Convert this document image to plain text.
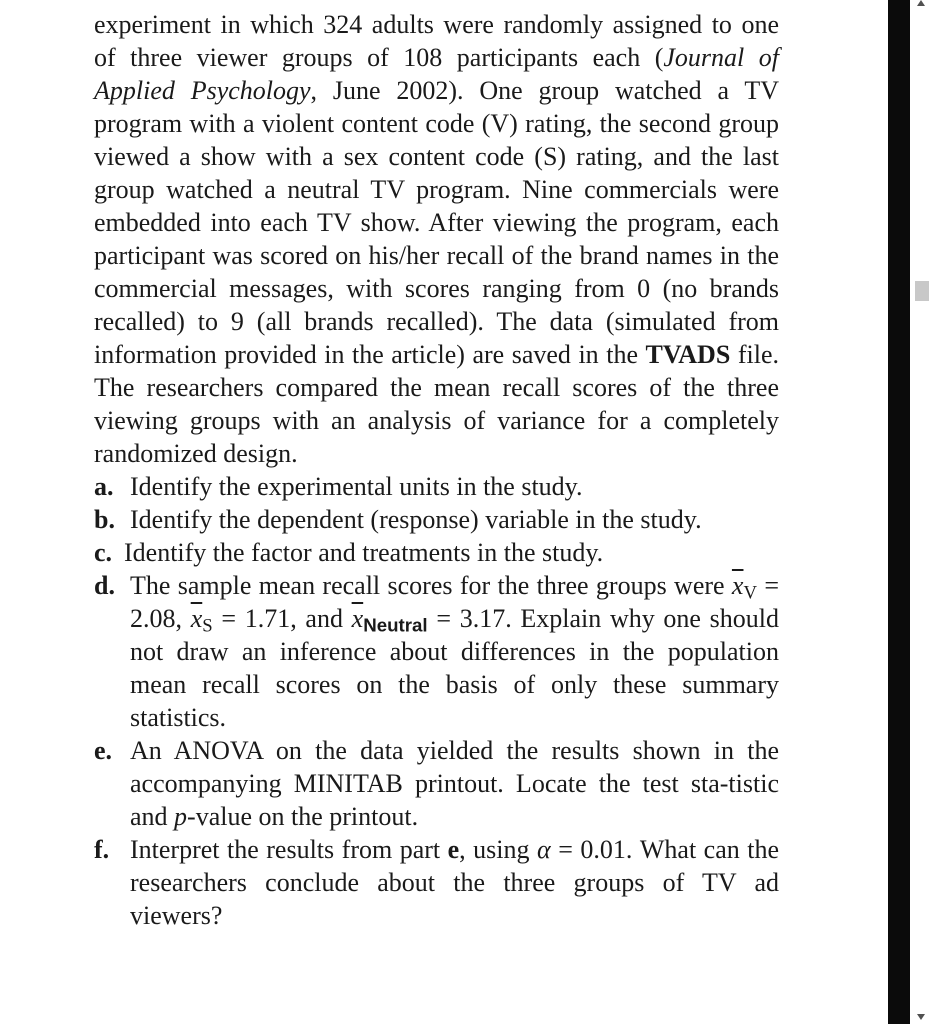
experiment in which 324 adults were randomly assigned to one of three viewer groups of 108 participants each (Journal of Applied Psychology, June 2002). One group watched a TV program with a violent content code (V) rating, the second group viewed a show with a sex content code (S) rating, and the last group watched a neutral TV program. Nine commercials were embedded into each TV show. After viewing the program, each participant was scored on his/her recall of the brand names in the commercial messages, with scores ranging from 0 (no brands recalled) to 9 (all brands recalled). The data (simulated from information provided in the article) are saved in the TVADS file. The researchers compared the mean recall scores of the three viewing groups with an analysis of variance for a completely randomized design.

a. Identify the experimental units in the study.
b. Identify the dependent (response) variable in the study.
c. Identify the factor and treatments in the study.
d. The sample mean recall scores for the three groups were $\overline{x}_V = 2.08$, $\overline{x}_S = 1.71$, and $\overline{x}_{Neutral} = 3.17$. Explain why one should not draw an inference about differences in the population mean recall scores on the basis of only these summary statistics.
e. An ANOVA on the data yielded the results shown in the accompanying MINITAB printout. Locate the test sta-tistic and p-value on the printout.
f. Interpret the results from part e, using α = 0.01. What can the researchers conclude about the three groups of TV ad viewers?
